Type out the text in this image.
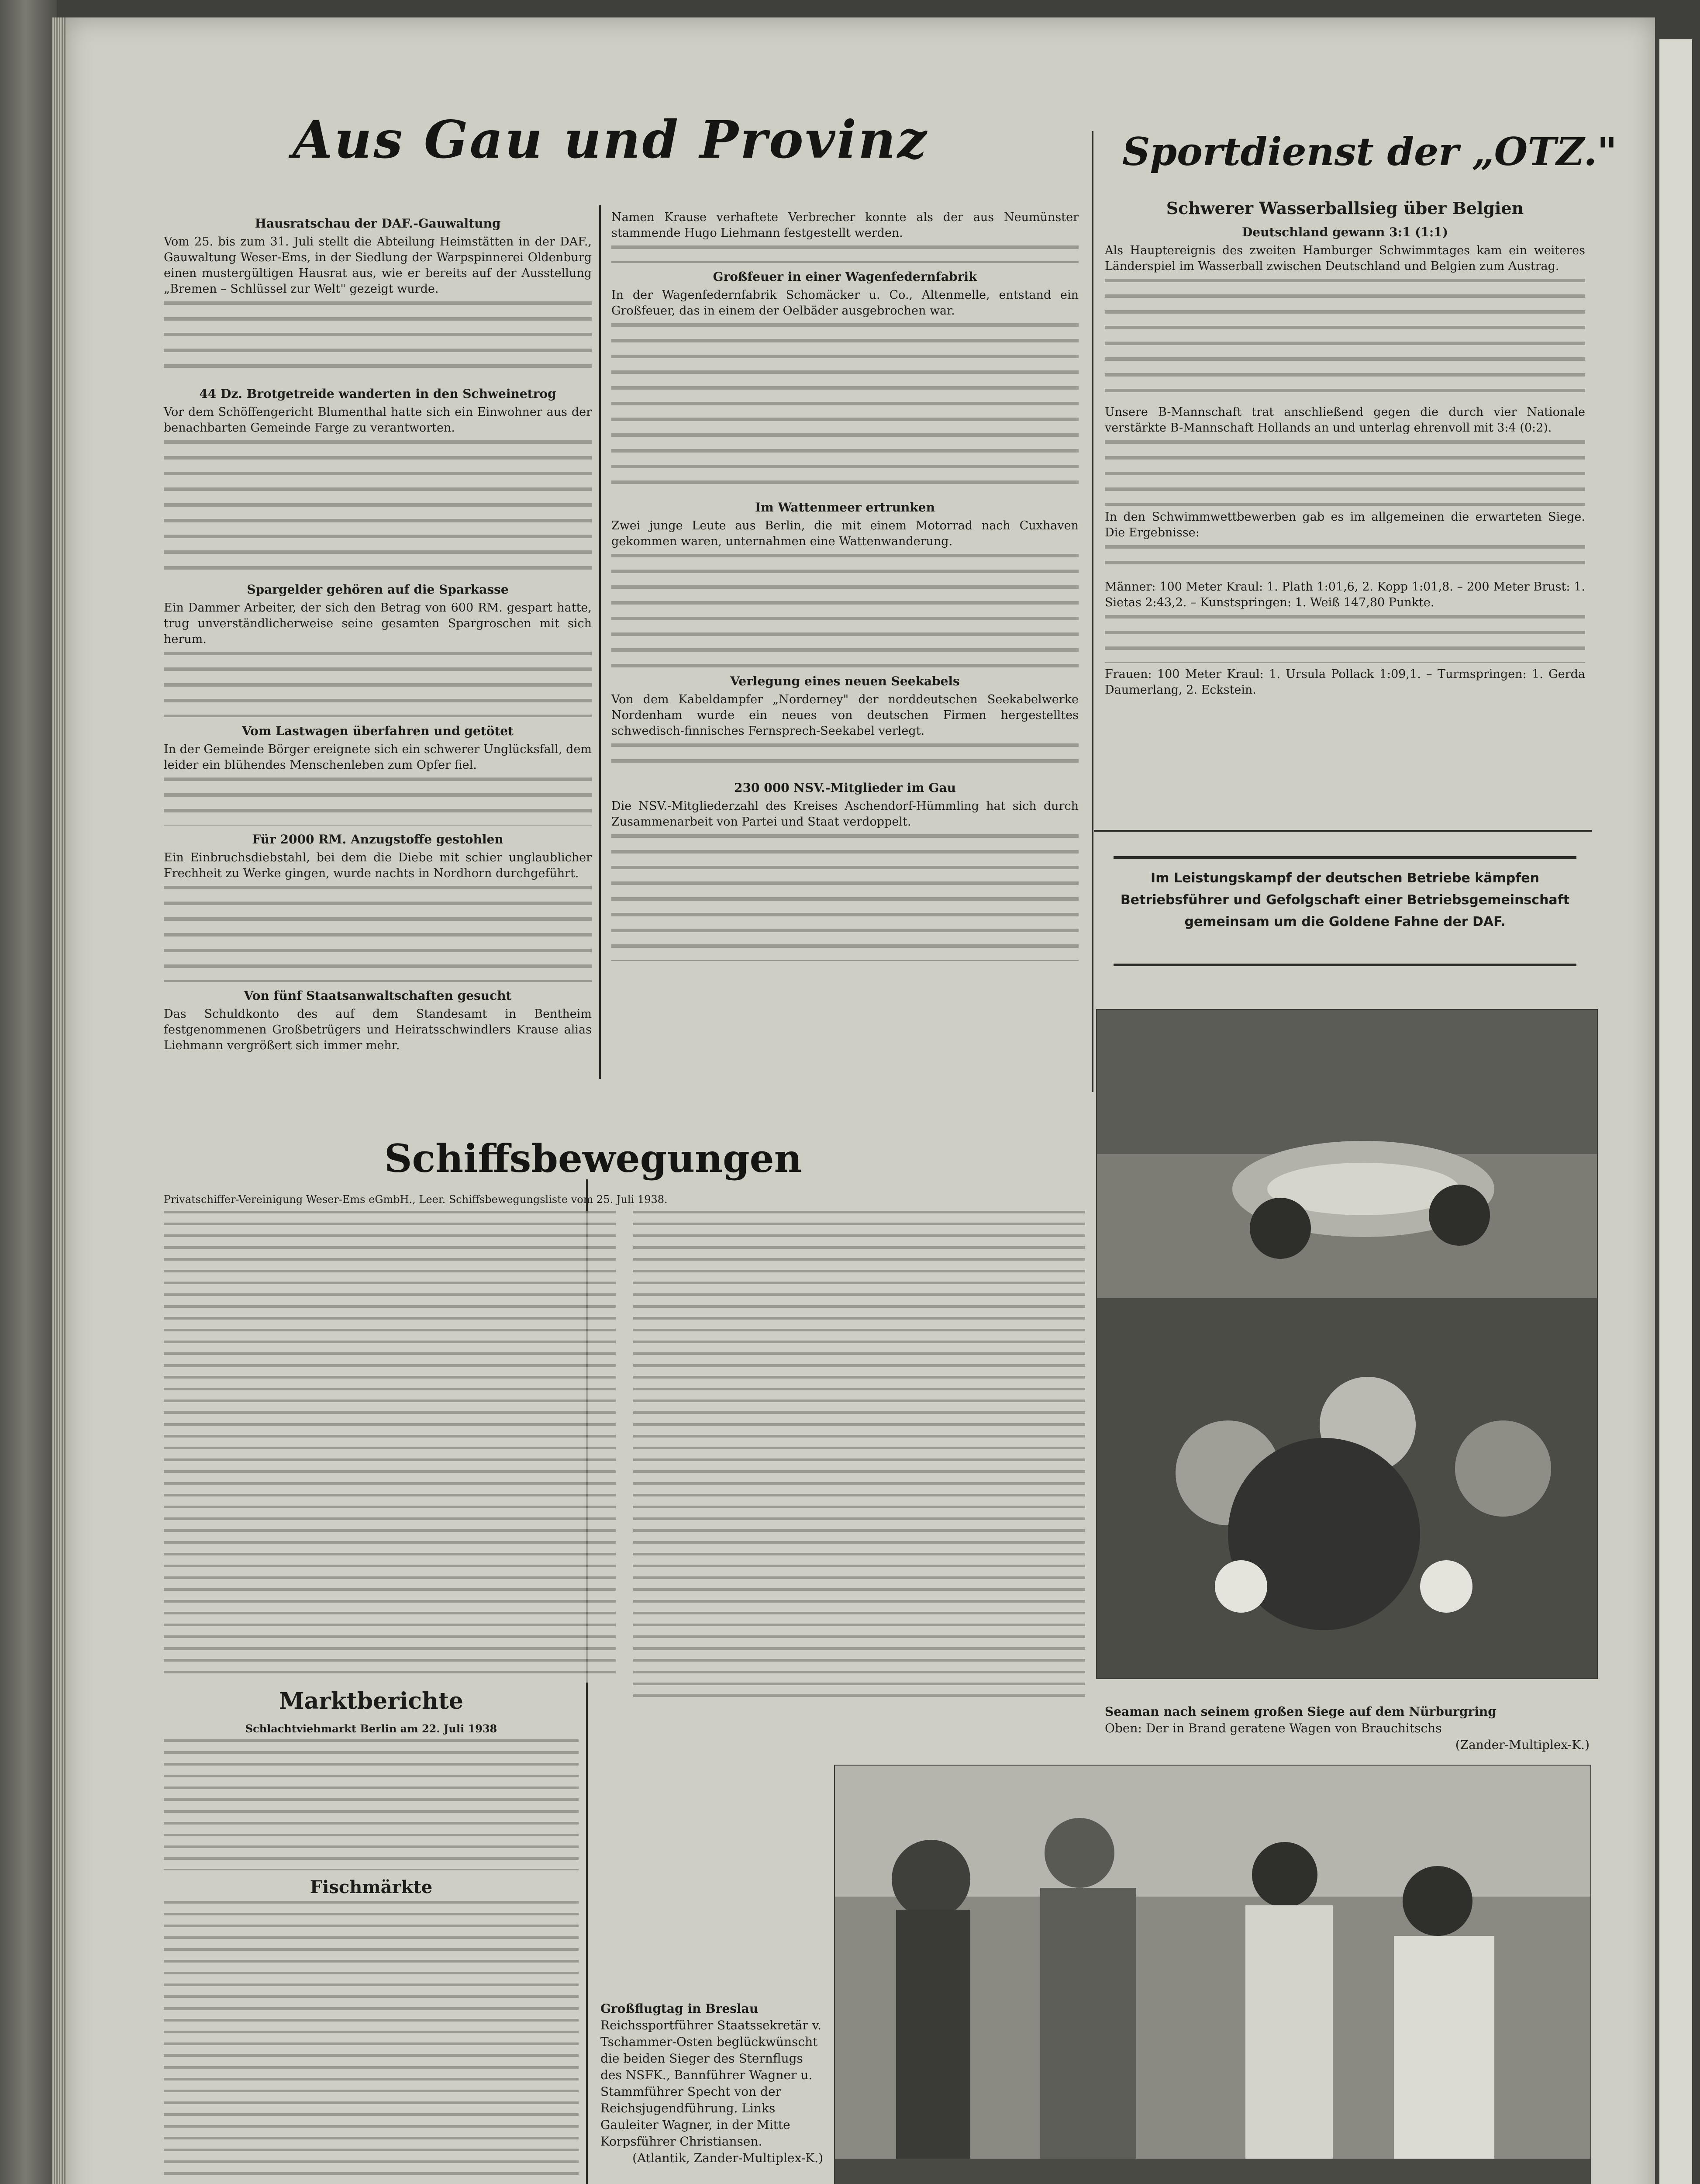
Aus Gau und Provinz	Sportdienst der „OTZ."
Hausratschau der DAF.-Gauwaltung

Vom 25. bis zum 31. Juli stellt die Abteilung Heimstätten in der DAF., Gauwaltung Weser-Ems, in der Siedlung der Warpspinnerei Oldenburg einen mustergültigen Hausrat aus, wie er bereits auf der Ausstellung „Bremen – Schlüssel zur Welt" gezeigt wurde.

44 Dz. Brotgetreide wanderten in den Schweinetrog

Vor dem Schöffengericht Blumenthal hatte sich ein Einwohner aus der benachbarten Gemeinde Farge zu verantworten.

Spargelder gehören auf die Sparkasse

Ein Dammer Arbeiter, der sich den Betrag von 600 RM. gespart hatte, trug unverständlicherweise seine gesamten Spargroschen mit sich herum.

Vom Lastwagen überfahren und getötet

In der Gemeinde Börger ereignete sich ein schwerer Unglücksfall, dem leider ein blühendes Menschenleben zum Opfer fiel.

Für 2000 RM. Anzugstoffe gestohlen

Ein Einbruchsdiebstahl, bei dem die Diebe mit schier unglaublicher Frechheit zu Werke gingen, wurde nachts in Nordhorn durchgeführt.

Von fünf Staatsanwaltschaften gesucht

Das Schuldkonto des auf dem Standesamt in Bentheim festgenommenen Großbetrügers und Heiratsschwindlers Krause alias Liehmann vergrößert sich immer mehr.

Namen Krause verhaftete Verbrecher konnte als der aus Neumünster stammende Hugo Liehmann festgestellt werden.

Großfeuer in einer Wagenfedernfabrik

In der Wagenfedernfabrik Schomäcker u. Co., Altenmelle, entstand ein Großfeuer, das in einem der Oelbäder ausgebrochen war.

Im Wattenmeer ertrunken

Zwei junge Leute aus Berlin, die mit einem Motorrad nach Cuxhaven gekommen waren, unternahmen eine Wattenwanderung.

Verlegung eines neuen Seekabels

Von dem Kabeldampfer „Norderney" der norddeutschen Seekabelwerke Nordenham wurde ein neues von deutschen Firmen hergestelltes schwedisch-finnisches Fernsprech-Seekabel verlegt.

230 000 NSV.-Mitglieder im Gau

Die NSV.-Mitgliederzahl des Kreises Aschendorf-Hümmling hat sich durch Zusammenarbeit von Partei und Staat verdoppelt.

Schwerer Wasserballsieg über Belgien
Deutschland gewann 3:1 (1:1)

Als Hauptereignis des zweiten Hamburger Schwimmtages kam ein weiteres Länderspiel im Wasserball zwischen Deutschland und Belgien zum Austrag.

Unsere B-Mannschaft trat anschließend gegen die durch vier Nationale verstärkte B-Mannschaft Hollands an und unterlag ehrenvoll mit 3:4 (0:2).

In den Schwimmwettbewerben gab es im allgemeinen die erwarteten Siege. Die Ergebnisse:

Männer: 100 Meter Kraul: 1. Plath 1:01,6, 2. Kopp 1:01,8. – 200 Meter Brust: 1. Sietas 2:43,2. – Kunstspringen: 1. Weiß 147,80 Punkte.

Frauen: 100 Meter Kraul: 1. Ursula Pollack 1:09,1. – Turmspringen: 1. Gerda Daumerlang, 2. Eckstein.

Im Leistungskampf der deutschen Betriebe kämpfen Betriebsführer und Gefolgschaft einer Betriebsgemeinschaft gemeinsam um die Goldene Fahne der DAF.
Seaman nach seinem großen Siege auf dem Nürburgring
Oben: Der in Brand geratene Wagen von Brauchitschs
(Zander-Multiplex-K.)
Großflugtag in Breslau
Reichssportführer Staatssekretär v. Tschammer-Osten beglückwünscht die beiden Sieger des Sternflugs des NSFK., Bannführer Wagner u. Stammführer Specht von der Reichsjugendführung. Links Gauleiter Wagner, in der Mitte Korpsführer Christiansen.
(Atlantik, Zander-Multiplex-K.)
Schiffsbewegungen

Privatschiffer-Vereinigung Weser-Ems eGmbH., Leer. Schiffsbewegungsliste vom 25. Juli 1938.

Marktberichte
Schlachtviehmarkt Berlin am 22. Juli 1938
Fischmärkte
